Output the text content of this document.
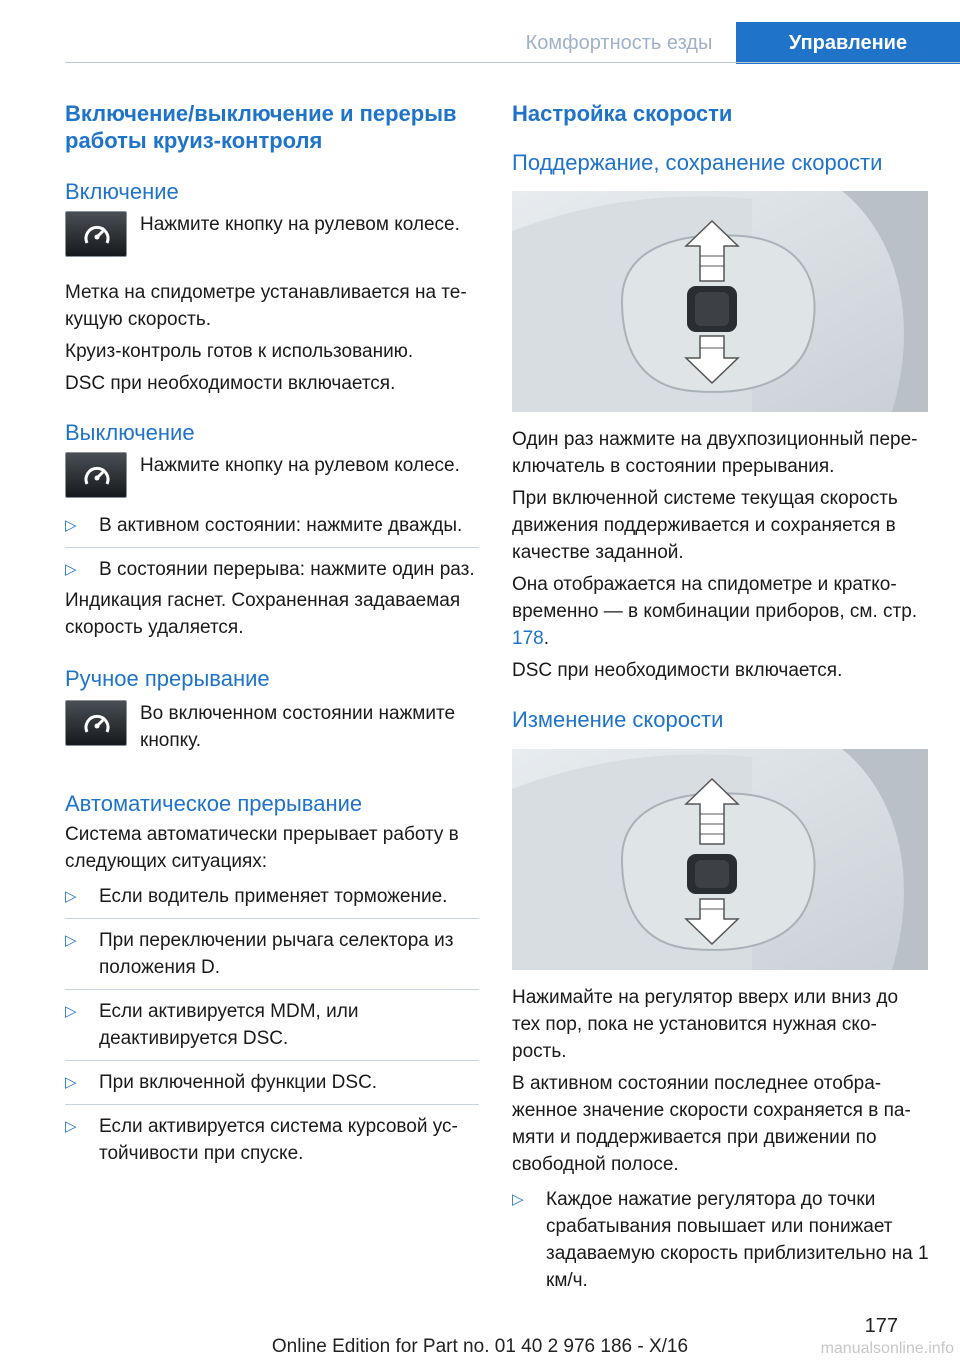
Комфортность езды	Управление
Включение/выключение и перерыв работы круиз-контроля
Включение

Нажмите кнопку на рулевом колесе.

Метка на спидометре устанавливается на те-кущую скорость.

Круиз-контроль готов к использованию.

DSC при необходимости включается.

Выключение

Нажмите кнопку на рулевом колесе.

▷ В активном состоянии: нажмите дважды.

▷ В состоянии перерыва: нажмите один раз.

Индикация гаснет. Сохраненная задаваемая скорость удаляется.

Ручное прерывание

Во включенном состоянии нажмите кнопку.

Автоматическое прерывание

Система автоматически прерывает работу в следующих ситуациях:

▷ Если водитель применяет торможение.

▷ При переключении рычага селектора из положения D.

▷ Если активируется MDM, или деактивируется DSC.

▷ При включенной функции DSC.

▷ Если активируется система курсовой ус-тойчивости при спуске.

Настройка скорости
Поддержание, сохранение скорости

Один раз нажмите на двухпозиционный пере-ключатель в состоянии прерывания.

При включенной системе текущая скорость движения поддерживается и сохраняется в качестве заданной.

Она отображается на спидометре и кратко-временно — в комбинации приборов, см. стр. 178.

DSC при необходимости включается.

Изменение скорости

Нажимайте на регулятор вверх или вниз до тех пор, пока не установится нужная ско-рость.

В активном состоянии последнее отобра-женное значение скорости сохраняется в па-мяти и поддерживается при движении по свободной полосе.

▷ Каждое нажатие регулятора до точки срабатывания повышает или понижает задаваемую скорость приблизительно на 1 км/ч.

177
Online Edition for Part no. 01 40 2 976 186 - X/16	manualsonline.info
